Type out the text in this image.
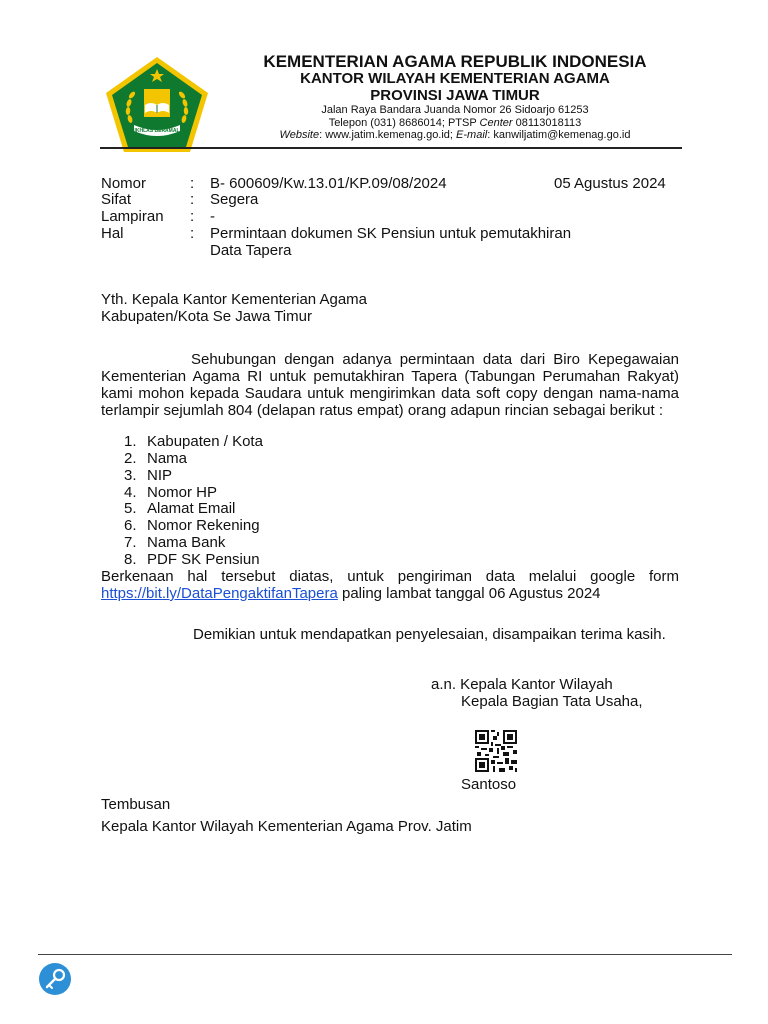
IKHLAS BERAMAL
KEMENTERIAN AGAMA REPUBLIK INDONESIA
KANTOR WILAYAH KEMENTERIAN AGAMA
PROVINSI JAWA TIMUR
Jalan Raya Bandara Juanda Nomor 26 Sidoarjo 61253
Telepon (031) 8686014; PTSP Center 08113018113
Website: www.jatim.kemenag.go.id; E-mail: kanwiljatim@kemenag.go.id
Nomor	: B- 600609/Kw.13.01/KP.09/08/2024	05 Agustus 2024
Sifat	: Segera
Lampiran : -
Hal	: Permintaan dokumen SK Pensiun untuk pemutakhiran
Data Tapera
Yth. Kepala Kantor Kementerian Agama
Kabupaten/Kota Se Jawa Timur
Sehubungan dengan adanya permintaan data dari Biro Kepegawaian Kementerian Agama RI untuk pemutakhiran Tapera (Tabungan Perumahan Rakyat) kami mohon kepada Saudara untuk mengirimkan data soft copy dengan nama-nama terlampir sejumlah 804 (delapan ratus empat) orang adapun rincian sebagai berikut :
1. Kabupaten / Kota
2. Nama
3. NIP
4. Nomor HP
5. Alamat Email
6. Nomor Rekening
7. Nama Bank
8. PDF SK Pensiun
Berkenaan hal tersebut diatas, untuk pengiriman data melalui google form https://bit.ly/DataPengaktifanTapera paling lambat tanggal 06 Agustus 2024
Demikian untuk mendapatkan penyelesaian, disampaikan terima kasih.
a.n. Kepala Kantor Wilayah
Kepala Bagian Tata Usaha,
Santoso
Tembusan
Kepala Kantor Wilayah Kementerian Agama Prov. Jatim
